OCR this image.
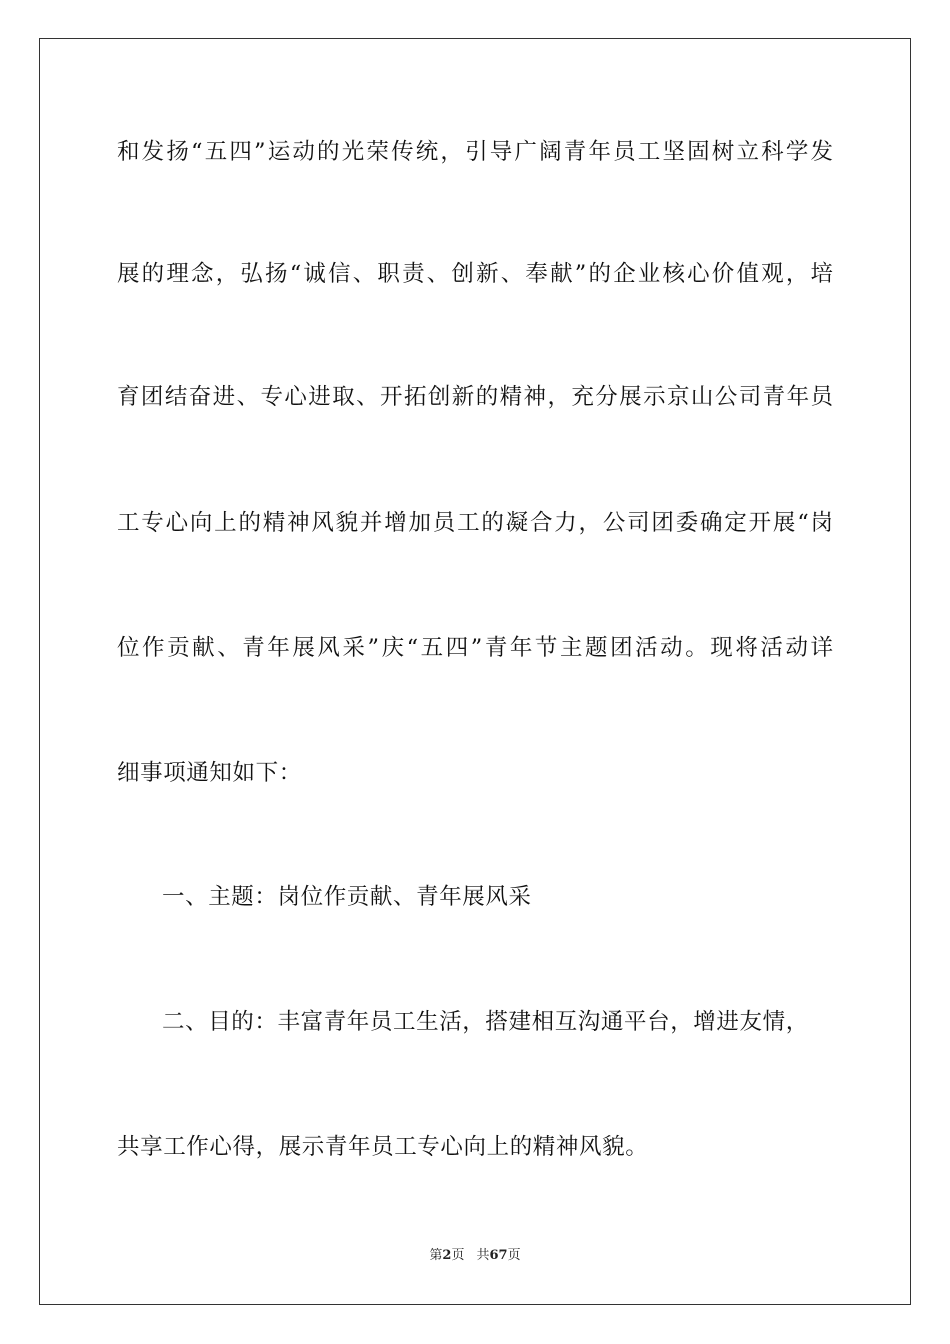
和发扬“五四”运动的光荣传统，引导广阔青年员工坚固树立科学发
展的理念，弘扬“诚信、职责、创新、奉献”的企业核心价值观，培
育团结奋进、专心进取、开拓创新的精神，充分展示京山公司青年员
工专心向上的精神风貌并增加员工的凝合力，公司团委确定开展“岗
位作贡献、青年展风采”庆“五四”青年节主题团活动。现将活动详
细事项通知如下：
一、主题：岗位作贡献、青年展风采
二、目的：丰富青年员工生活，搭建相互沟通平台，增进友情，
共享工作心得，展示青年员工专心向上的精神风貌。
第2页 共67页
